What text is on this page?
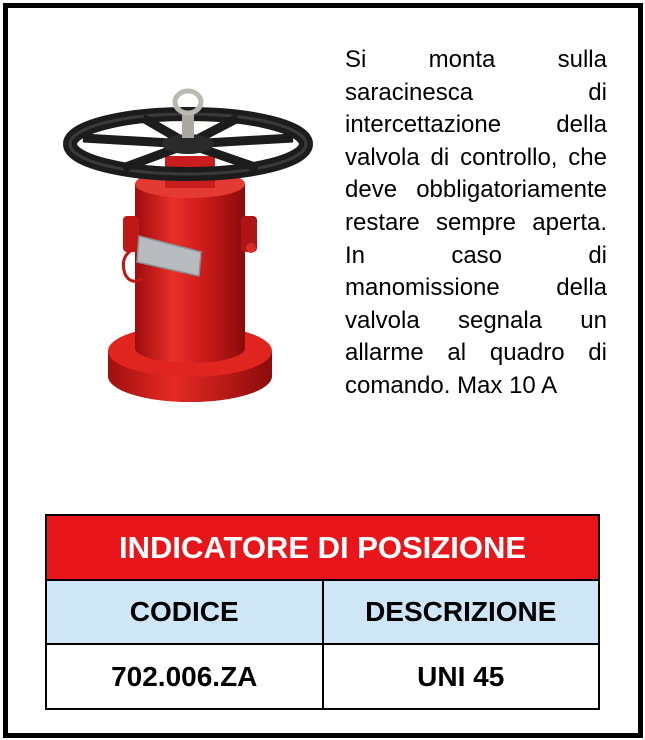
Si monta sulla saracinesca di intercettazione della valvola di controllo, che deve obbligatoriamente restare sempre aperta. In caso di manomissione della valvola segnala un allarme al quadro di comando. Max 10 A
INDICATORE DI POSIZIONE	
CODICE	DESCRIZIONE
702.006.ZA	UNI 45
